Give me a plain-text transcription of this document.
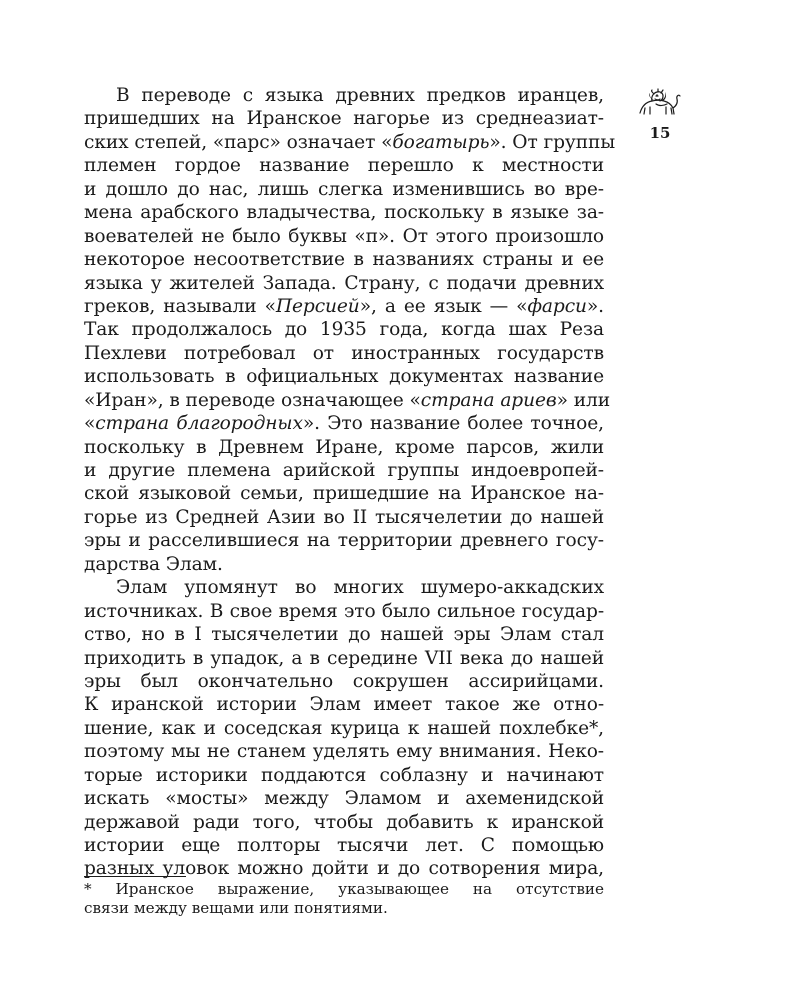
В переводе с языка древних предков иранцев,
пришедших на Иранское нагорье из среднеазиат-
ских степей, «парс» означает «богатырь». От группы
племен гордое название перешло к местности
и дошло до нас, лишь слегка изменившись во вре-
мена арабского владычества, поскольку в языке за-
воевателей не было буквы «п». От этого произошло
некоторое несоответствие в названиях страны и ее
языка у жителей Запада. Страну, с подачи древних
греков, называли «Персией», а ее язык — «фарси».
Так продолжалось до 1935 года, когда шах Реза
Пехлеви потребовал от иностранных государств
использовать в официальных документах название
«Иран», в переводе означающее «страна ариев» или
«страна благородных». Это название более точное,
поскольку в Древнем Иране, кроме парсов, жили
и другие племена арийской группы индоевропей-
ской языковой семьи, пришедшие на Иранское на-
горье из Средней Азии во II тысячелетии до нашей
эры и расселившиеся на территории древнего госу-
дарства Элам.
Элам упомянут во многих шумеро-аккадских
источниках. В свое время это было сильное государ-
ство, но в I тысячелетии до нашей эры Элам стал
приходить в упадок, а в середине VII века до нашей
эры был окончательно сокрушен ассирийцами.
К иранской истории Элам имеет такое же отно-
шение, как и соседская курица к нашей похлебке*,
поэтому мы не станем уделять ему внимания. Неко-
торые историки поддаются соблазну и начинают
искать «мосты» между Эламом и ахеменидской
державой ради того, чтобы добавить к иранской
истории еще полторы тысячи лет. С помощью
разных уловок можно дойти и до сотворения мира,
15
* Иранское выражение, указывающее на отсутствие
связи между вещами или понятиями.
